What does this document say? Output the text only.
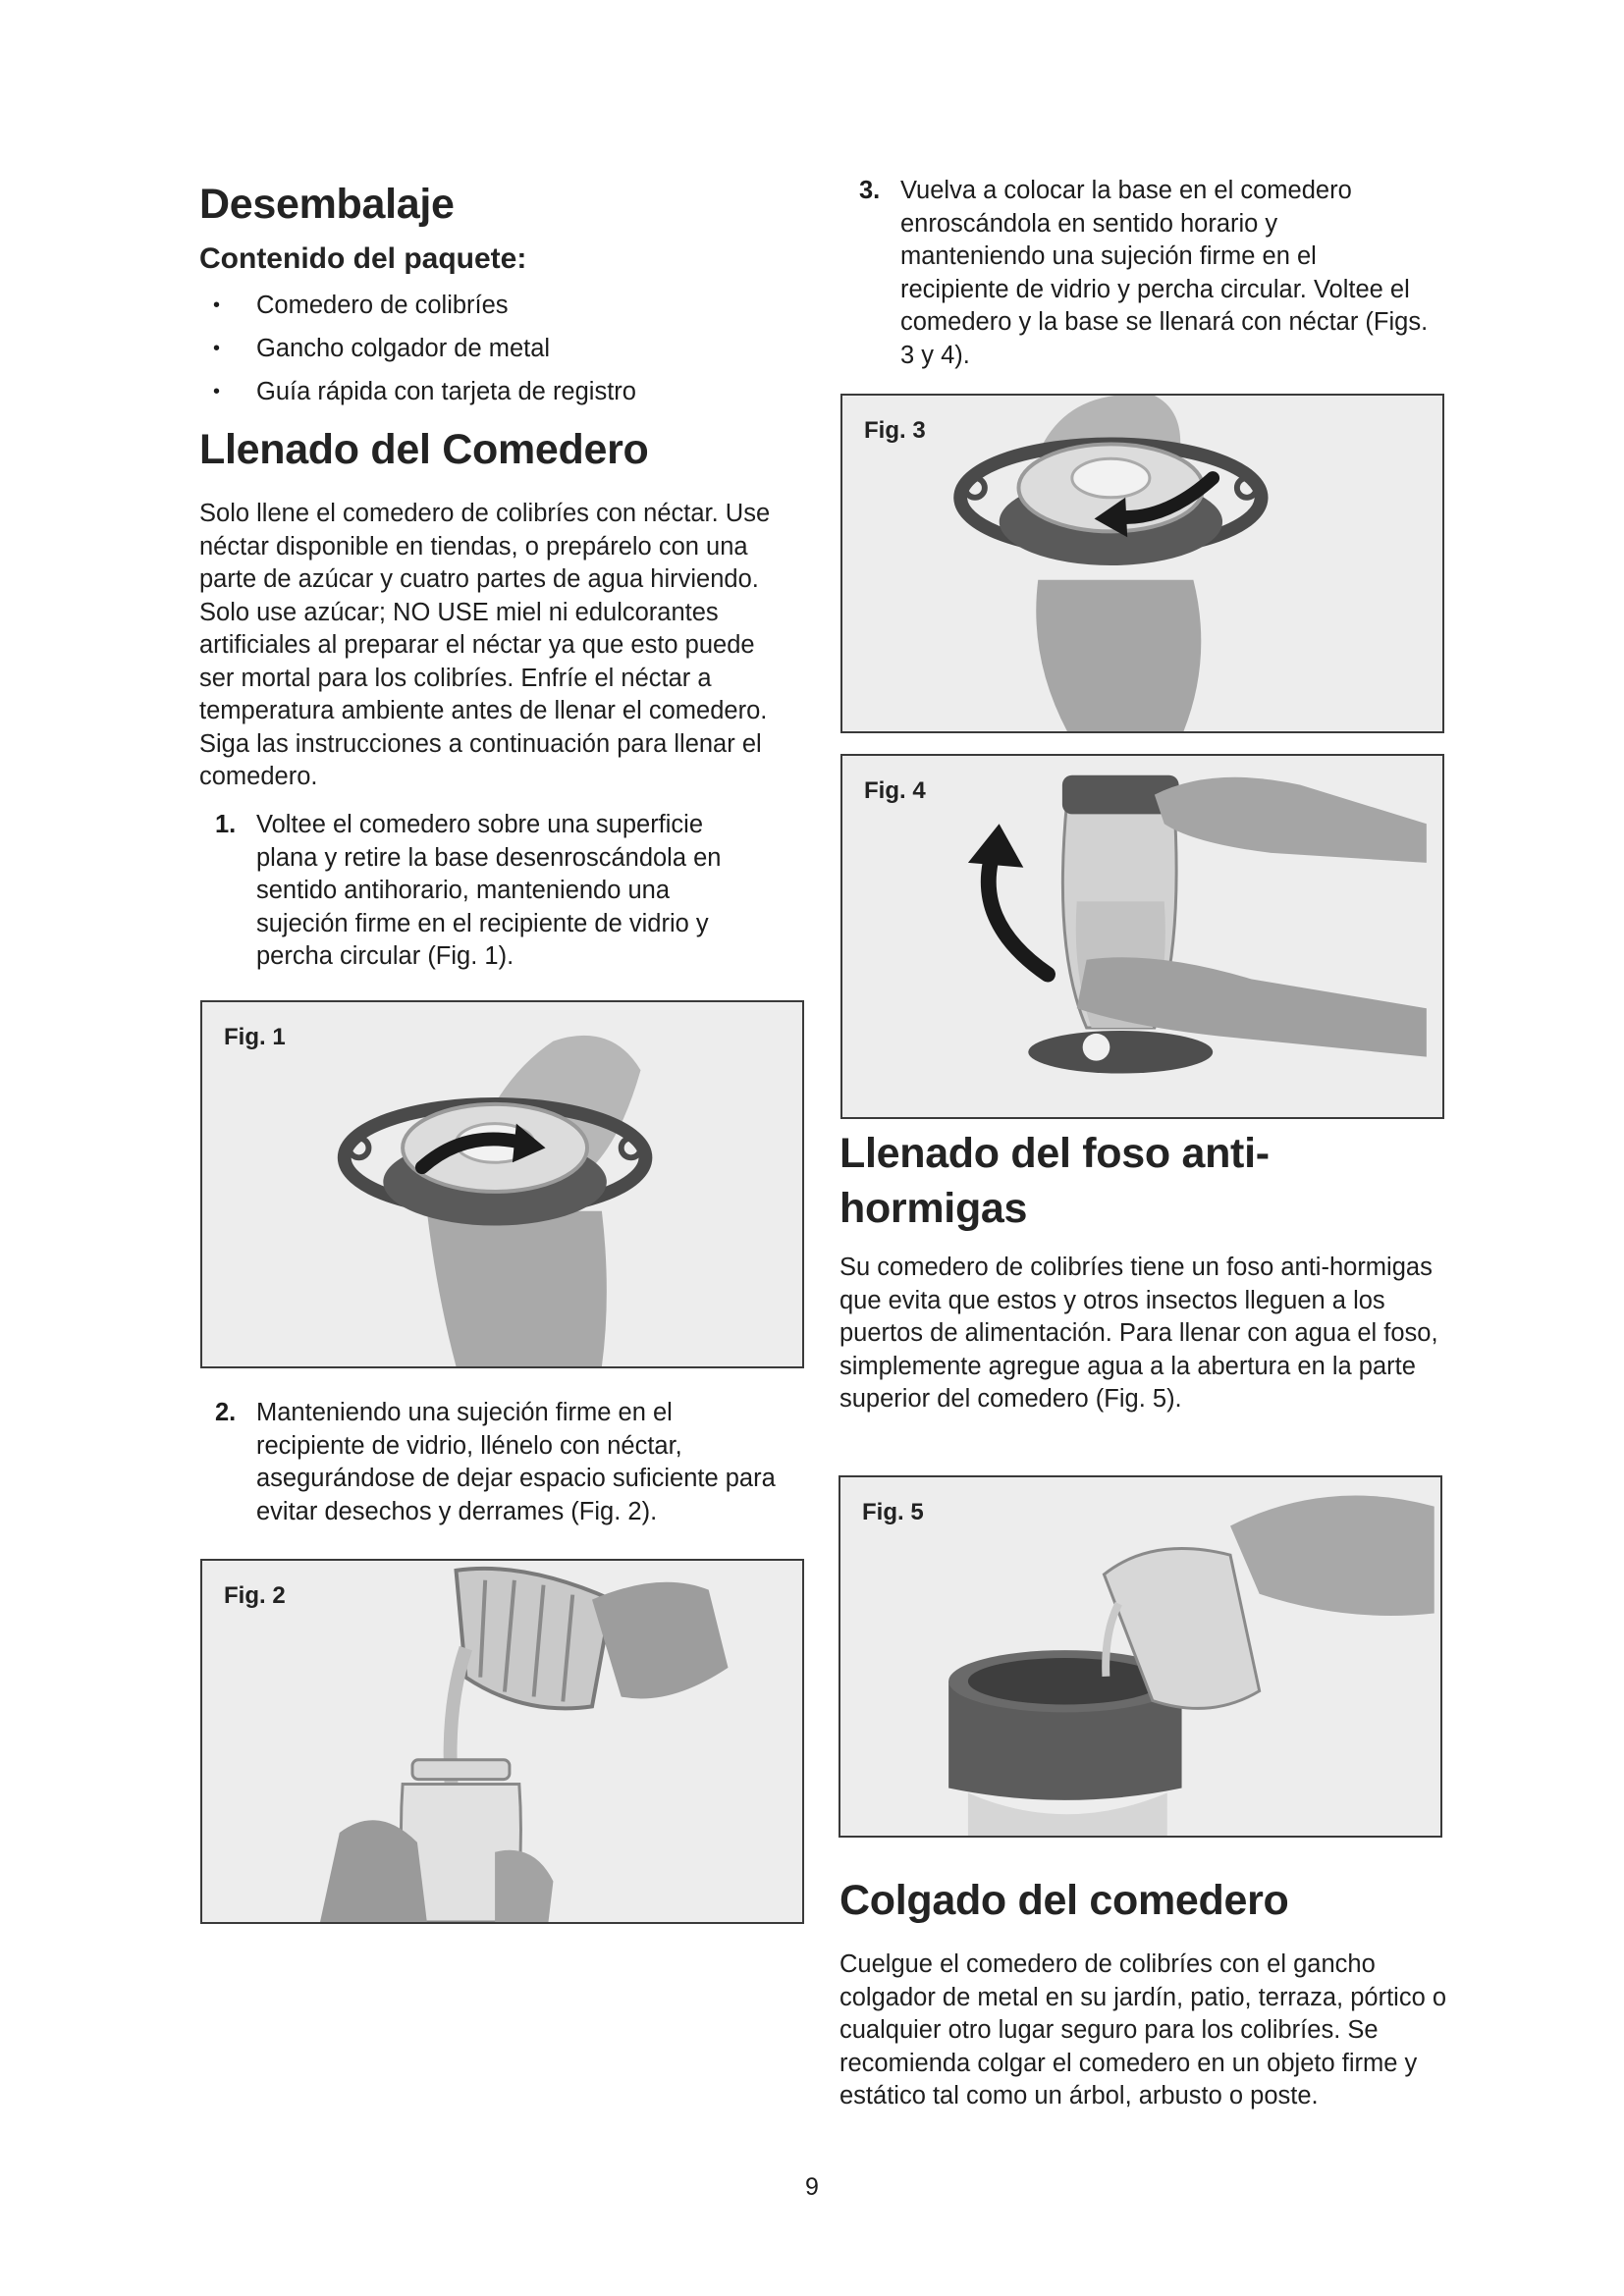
Desembalaje
Contenido del paquete:
• Comedero de colibríes
• Gancho colgador de metal
• Guía rápida con tarjeta de registro
Llenado del Comedero

Solo llene el comedero de colibríes con néctar. Use néctar disponible en tiendas, o prepárelo con una parte de azúcar y cuatro partes de agua hirviendo. Solo use azúcar; NO USE miel ni edulcorantes artificiales al preparar el néctar ya que esto puede ser mortal para los colibríes. Enfríe el néctar a temperatura ambiente antes de llenar el comedero. Siga las instrucciones a continuación para llenar el comedero.

1. Voltee el comedero sobre una superficie plana y retire la base desenroscándola en sentido antihorario, manteniendo una sujeción firme en el recipiente de vidrio y percha circular (Fig. 1).
Fig. 1
2. Manteniendo una sujeción firme en el recipiente de vidrio, llénelo con néctar, asegurándose de dejar espacio suficiente para evitar desechos y derrames (Fig. 2).
Fig. 2
3. Vuelva a colocar la base en el comedero enroscándola en sentido horario y manteniendo una sujeción firme en el recipiente de vidrio y percha circular. Voltee el comedero y la base se llenará con néctar (Figs. 3 y 4).
Fig. 3
Fig. 4
Llenado del foso anti-hormigas

Su comedero de colibríes tiene un foso anti-hormigas que evita que estos y otros insectos lleguen a los puertos de alimentación. Para llenar con agua el foso, simplemente agregue agua a la abertura en la parte superior del comedero (Fig. 5).

Fig. 5
Colgado del comedero

Cuelgue el comedero de colibríes con el gancho colgador de metal en su jardín, patio, terraza, pórtico o cualquier otro lugar seguro para los colibríes. Se recomienda colgar el comedero en un objeto firme y estático tal como un árbol, arbusto o poste.

9
